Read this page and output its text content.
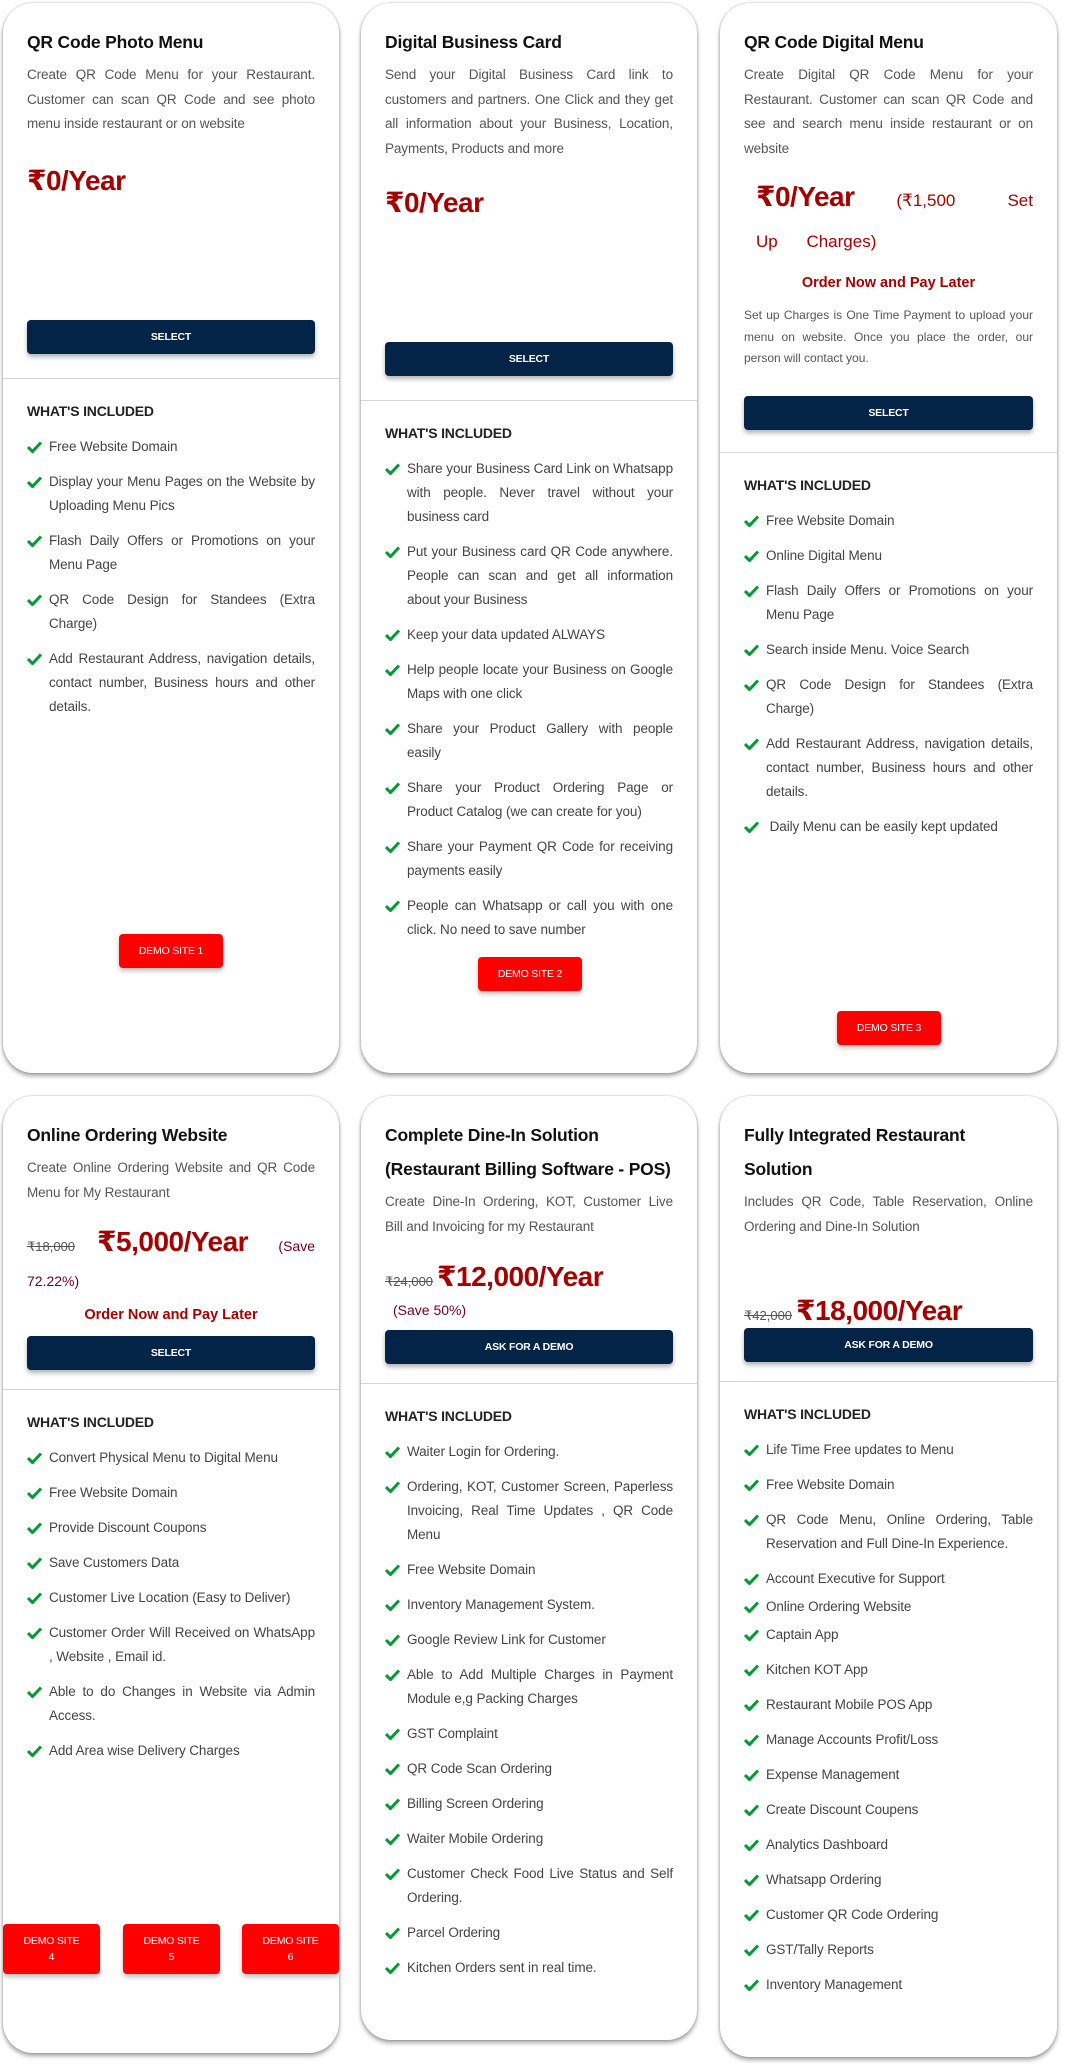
QR Code Photo Menu
Create QR Code Menu for your Restaurant. Customer can scan QR Code and see photo menu inside restaurant or on website
₹0/Year
SELECT
WHAT'S INCLUDED
Free Website Domain
Display your Menu Pages on the Website by Uploading Menu Pics
Flash Daily Offers or Promotions on your Menu Page
QR Code Design for Standees (Extra Charge)
Add Restaurant Address, navigation details, contact number, Business hours and other details.
DEMO SITE 1
Digital Business Card
Send your Digital Business Card link to customers and partners. One Click and they get all information about your Business, Location, Payments, Products and more
₹0/Year
SELECT
WHAT'S INCLUDED
Share your Business Card Link on Whatsapp with people. Never travel without your business card
Put your Business card QR Code anywhere. People can scan and get all information about your Business
Keep your data updated ALWAYS
Help people locate your Business on Google Maps with one click
Share your Product Gallery with people easily
Share your Product Ordering Page or Product Catalog (we can create for you)
Share your Payment QR Code for receiving payments easily
People can Whatsapp or call you with one click. No need to save number
DEMO SITE 2
QR Code Digital Menu
Create Digital QR Code Menu for your Restaurant. Customer can scan QR Code and see and search menu inside restaurant or on website
₹0/Year (₹1,500 Set Up Charges)
Order Now and Pay Later
Set up Charges is One Time Payment to upload your menu on website. Once you place the order, our person will contact you.
SELECT
WHAT'S INCLUDED
Free Website Domain
Online Digital Menu
Flash Daily Offers or Promotions on your Menu Page
Search inside Menu. Voice Search
QR Code Design for Standees (Extra Charge)
Add Restaurant Address, navigation details, contact number, Business hours and other details.
Daily Menu can be easily kept updated
DEMO SITE 3
Online Ordering Website
Create Online Ordering Website and QR Code Menu for My Restaurant
₹18,000 ₹5,000/Year (Save 72.22%)
Order Now and Pay Later
SELECT
WHAT'S INCLUDED
Convert Physical Menu to Digital Menu
Free Website Domain
Provide Discount Coupons
Save Customers Data
Customer Live Location (Easy to Deliver)
Customer Order Will Received on WhatsApp , Website , Email id.
Able to do Changes in Website via Admin Access.
Add Area wise Delivery Charges
DEMO SITE 4
DEMO SITE 5
DEMO SITE 6
Complete Dine-In Solution (Restaurant Billing Software - POS)
Create Dine-In Ordering, KOT, Customer Live Bill and Invoicing for my Restaurant
₹24,000 ₹12,000/Year
(Save 50%)
ASK FOR A DEMO
WHAT'S INCLUDED
Waiter Login for Ordering.
Ordering, KOT, Customer Screen, Paperless Invoicing, Real Time Updates , QR Code Menu
Free Website Domain
Inventory Management System.
Google Review Link for Customer
Able to Add Multiple Charges in Payment Module e,g Packing Charges
GST Complaint
QR Code Scan Ordering
Billing Screen Ordering
Waiter Mobile Ordering
Customer Check Food Live Status and Self Ordering.
Parcel Ordering
Kitchen Orders sent in real time.
Fully Integrated Restaurant Solution
Includes QR Code, Table Reservation, Online Ordering and Dine-In Solution
₹42,000 ₹18,000/Year
ASK FOR A DEMO
WHAT'S INCLUDED
Life Time Free updates to Menu
Free Website Domain
QR Code Menu, Online Ordering, Table Reservation and Full Dine-In Experience.
Account Executive for Support
Online Ordering Website
Captain App
Kitchen KOT App
Restaurant Mobile POS App
Manage Accounts Profit/Loss
Expense Management
Create Discount Coupens
Analytics Dashboard
Whatsapp Ordering
Customer QR Code Ordering
GST/Tally Reports
Inventory Management
